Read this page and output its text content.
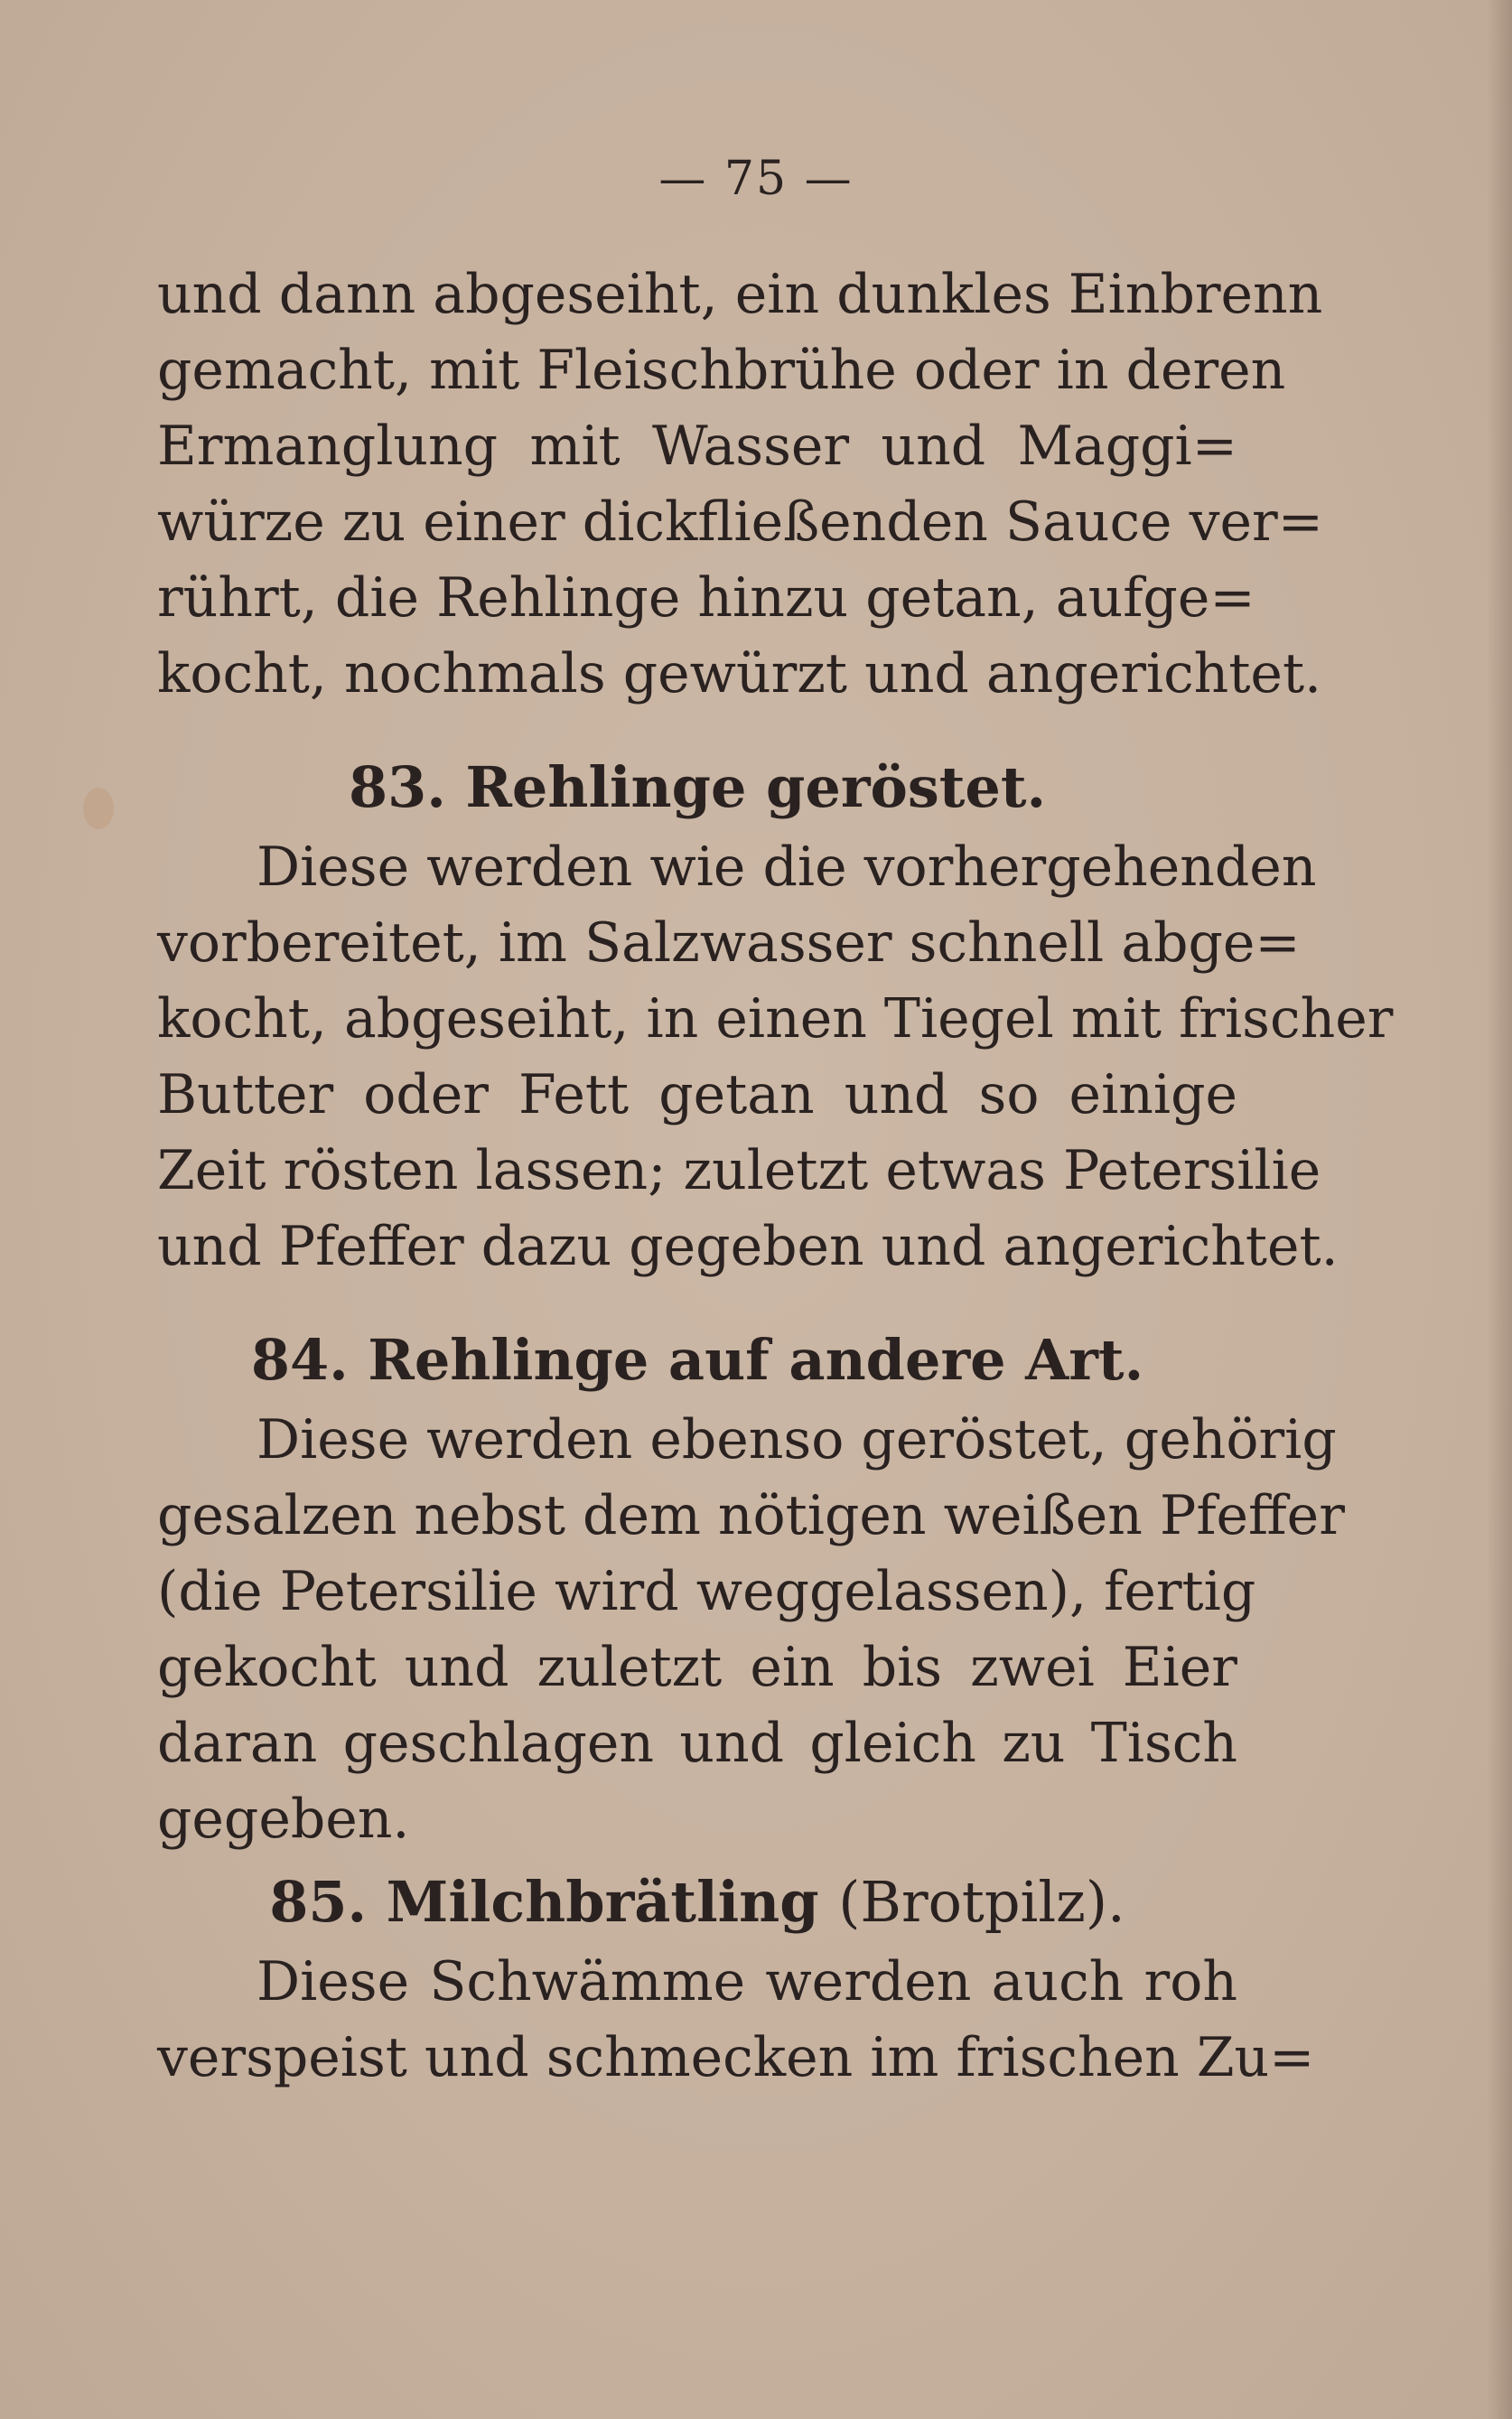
— 75 —
und dann abgeseiht, ein dunkles Einbrenn
gemacht, mit Fleischbrühe oder in deren
Ermanglung mit Wasser und Maggi=
würze zu einer dickfließenden Sauce ver=
rührt, die Rehlinge hinzu getan, aufge=
kocht, nochmals gewürzt und angerichtet.
83. Rehlinge geröstet.
Diese werden wie die vorhergehenden
vorbereitet, im Salzwasser schnell abge=
kocht, abgeseiht, in einen Tiegel mit frischer
Butter oder Fett getan und so einige
Zeit rösten lassen; zuletzt etwas Petersilie
und Pfeffer dazu gegeben und angerichtet.
84. Rehlinge auf andere Art.
Diese werden ebenso geröstet, gehörig
gesalzen nebst dem nötigen weißen Pfeffer
(die Petersilie wird weggelassen), fertig
gekocht und zuletzt ein bis zwei Eier
daran geschlagen und gleich zu Tisch
gegeben.
85. Milchbrätling (Brotpilz).
Diese Schwämme werden auch roh
verspeist und schmecken im frischen Zu=
